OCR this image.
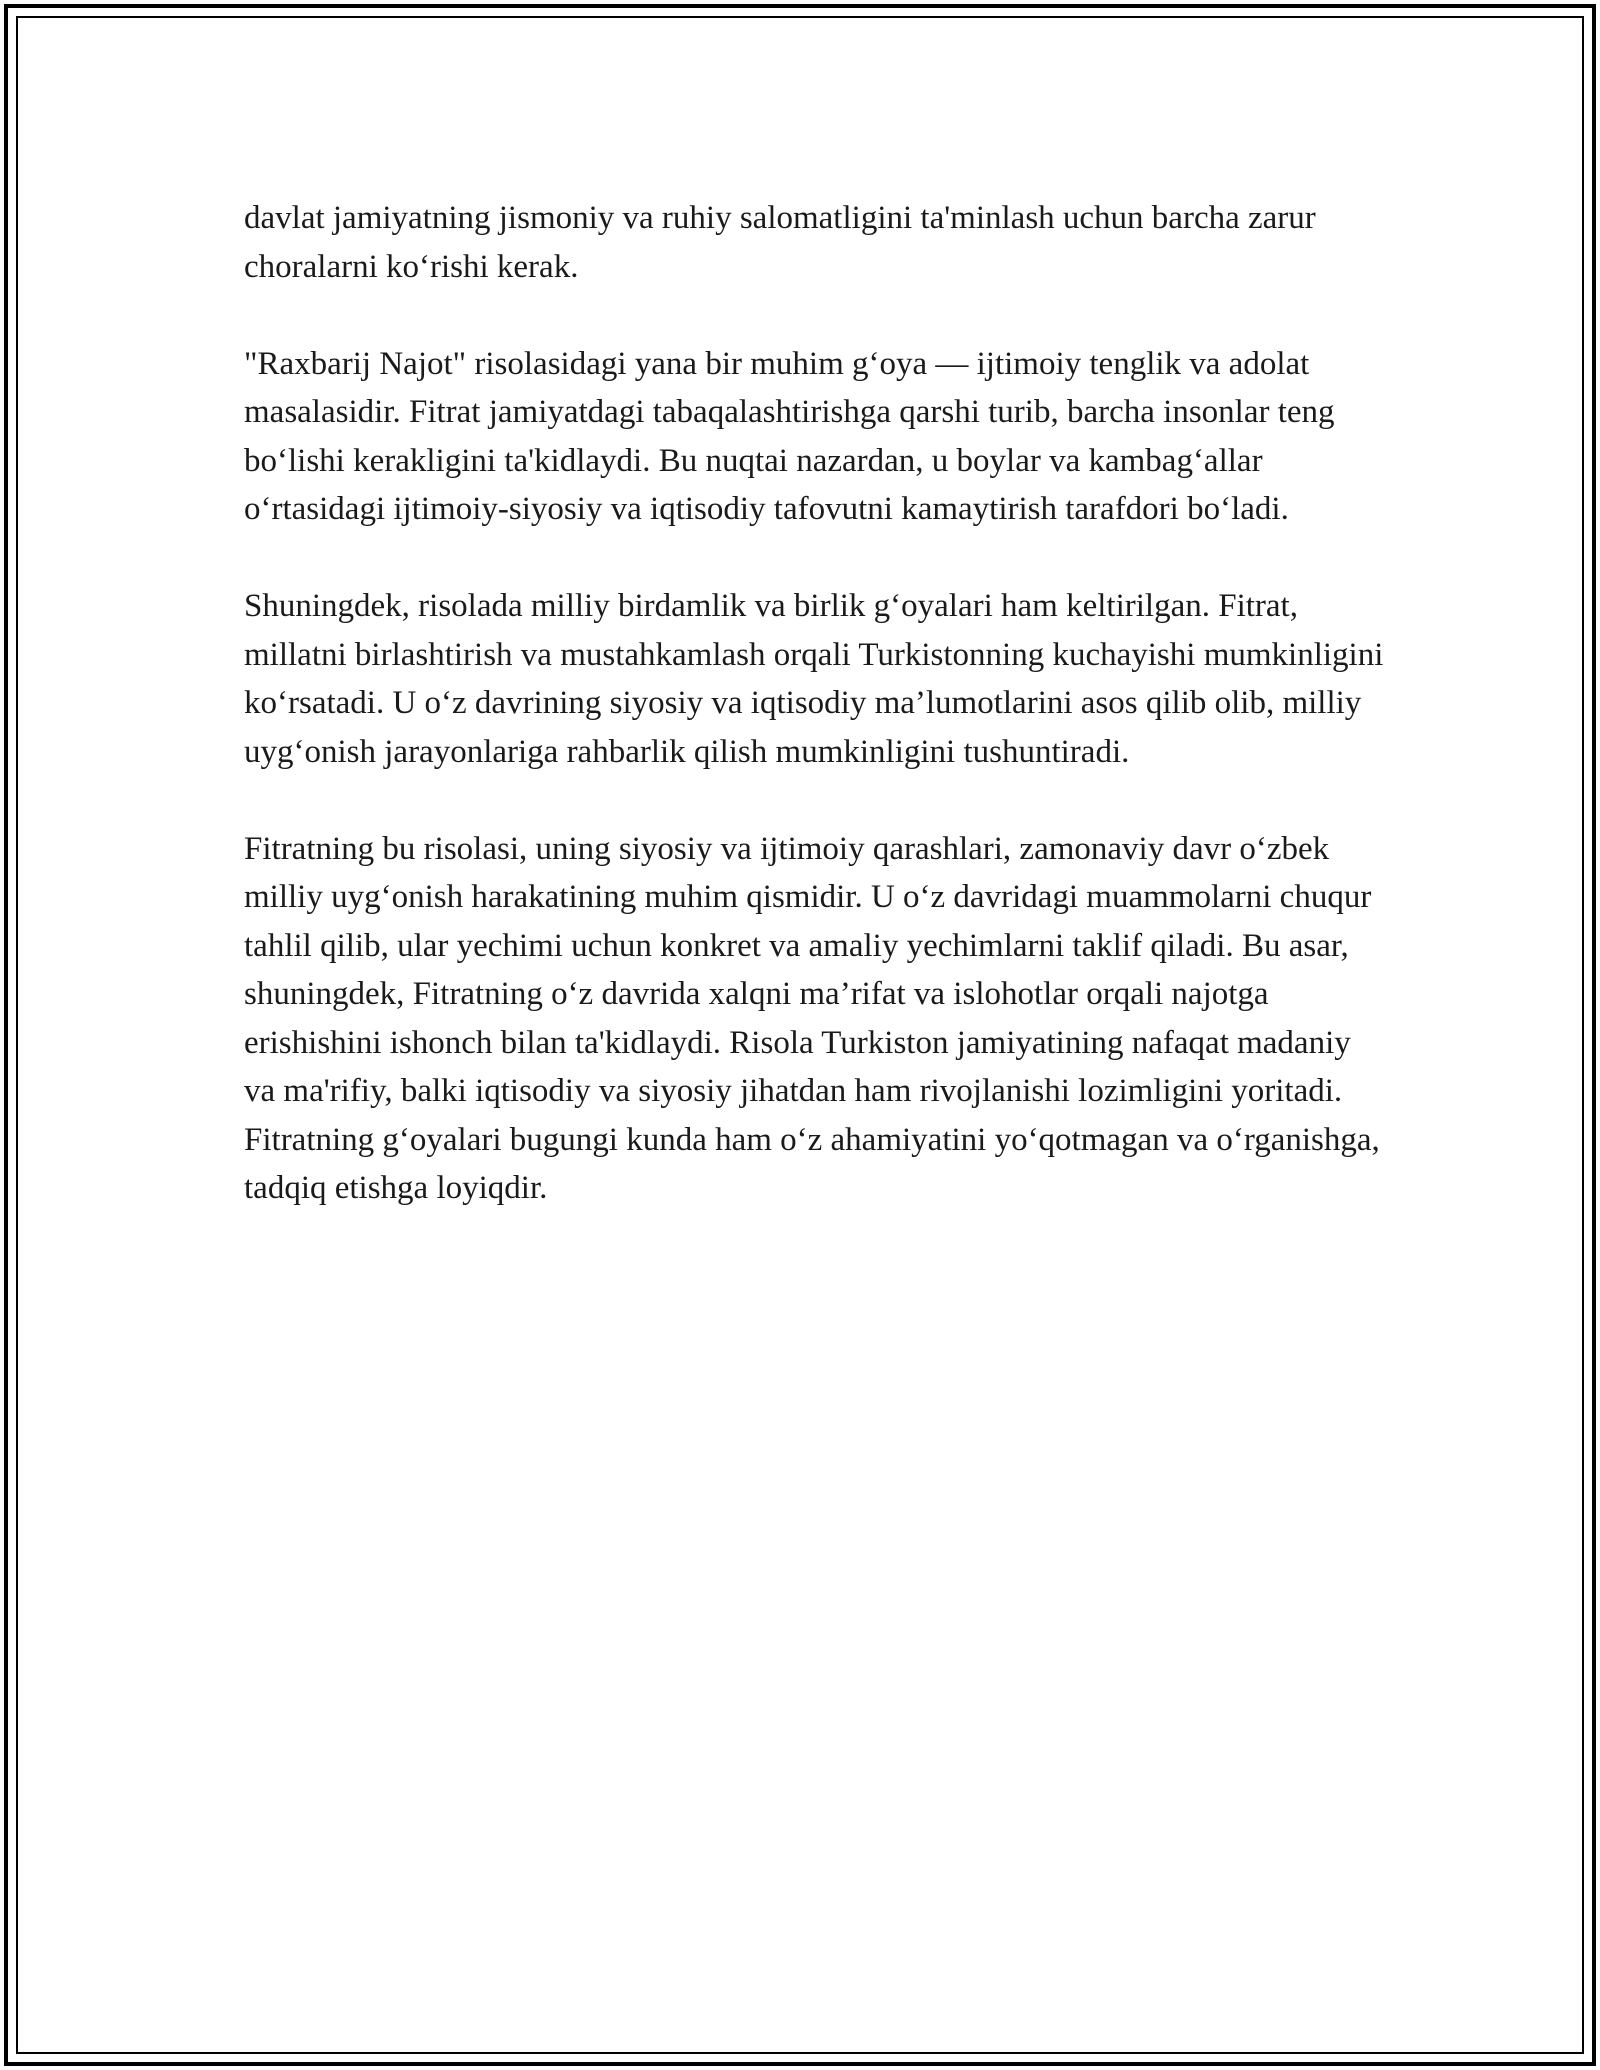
davlat jamiyatning jismoniy va ruhiy salomatligini ta'minlash uchun barcha zarur choralarni ko‘rishi kerak.

"Raxbarij Najot" risolasidagi yana bir muhim g‘oya — ijtimoiy tenglik va adolat masalasidir. Fitrat jamiyatdagi tabaqalashtirishga qarshi turib, barcha insonlar teng bo‘lishi kerakligini ta'kidlaydi. Bu nuqtai nazardan, u boylar va kambag‘allar o‘rtasidagi ijtimoiy-siyosiy va iqtisodiy tafovutni kamaytirish tarafdori bo‘ladi.

Shuningdek, risolada milliy birdamlik va birlik g‘oyalari ham keltirilgan. Fitrat, millatni birlashtirish va mustahkamlash orqali Turkistonning kuchayishi mumkinligini ko‘rsatadi. U o‘z davrining siyosiy va iqtisodiy ma’lumotlarini asos qilib olib, milliy uyg‘onish jarayonlariga rahbarlik qilish mumkinligini tushuntiradi.

Fitratning bu risolasi, uning siyosiy va ijtimoiy qarashlari, zamonaviy davr o‘zbek milliy uyg‘onish harakatining muhim qismidir. U o‘z davridagi muammolarni chuqur tahlil qilib, ular yechimi uchun konkret va amaliy yechimlarni taklif qiladi. Bu asar, shuningdek, Fitratning o‘z davrida xalqni ma’rifat va islohotlar orqali najotga erishishini ishonch bilan ta'kidlaydi. Risola Turkiston jamiyatining nafaqat madaniy va ma'rifiy, balki iqtisodiy va siyosiy jihatdan ham rivojlanishi lozimligini yoritadi. Fitratning g‘oyalari bugungi kunda ham o‘z ahamiyatini yo‘qotmagan va o‘rganishga, tadqiq etishga loyiqdir.
